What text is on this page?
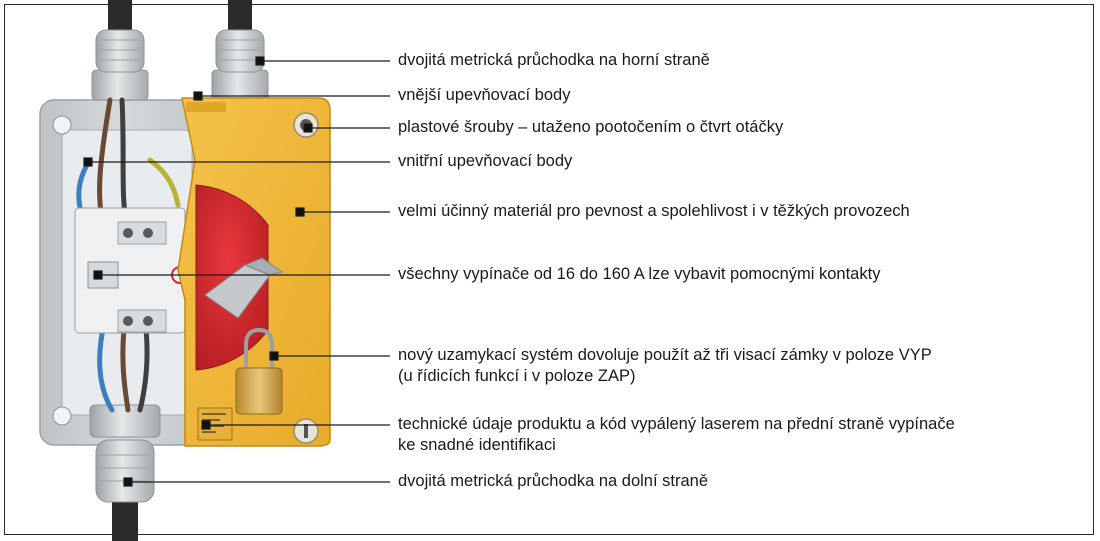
dvojitá metrická průchodka na horní straně
vnější upevňovací body
plastové šrouby – utaženo pootočením o čtvrt otáčky
vnitřní upevňovací body
velmi účinný materiál pro pevnost a spolehlivost i v těžkých provozech
všechny vypínače od 16 do 160 A lze vybavit pomocnými kontakty
nový uzamykací systém dovoluje použít až tři visací zámky v poloze VYP
(u řídicích funkcí i v poloze ZAP)
technické údaje produktu a kód vypálený laserem na přední straně vypínače
ke snadné identifikaci
dvojitá metrická průchodka na dolní straně
